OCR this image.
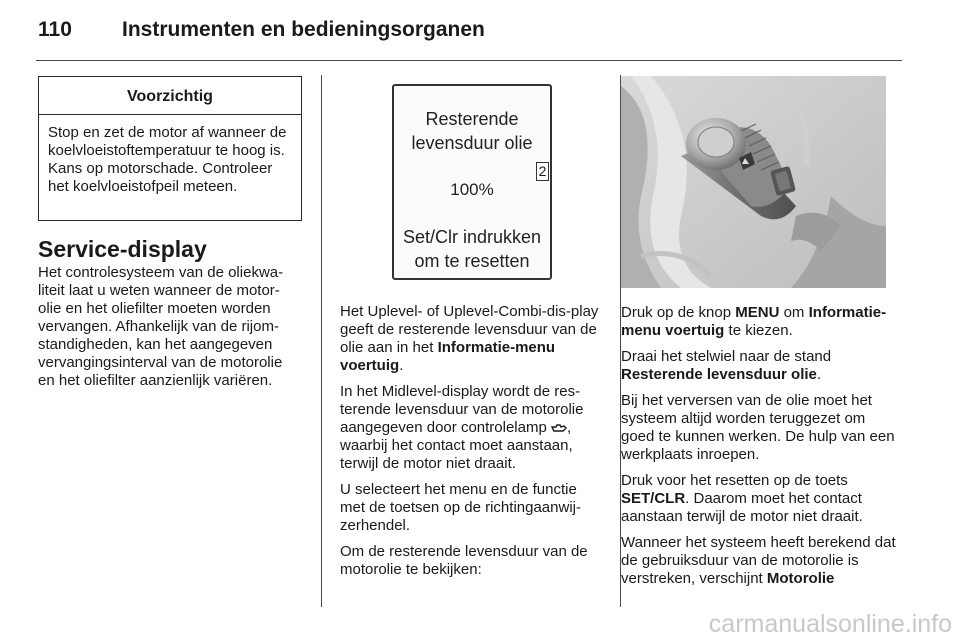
110 Instrumenten en bedieningsorganen
Voorzichtig
Stop en zet de motor af wanneer de koelvloeistoftemperatuur te hoog is. Kans op motorschade. Controleer het koelvloeistofpeil meteen.
Service-display
Het controlesysteem van de oliekwa-liteit laat u weten wanneer de motor-olie en het oliefilter moeten worden vervangen. Afhankelijk van de rijom-standigheden, kan het aangegeven vervangingsinterval van de motorolie en het oliefilter aanzienlijk variëren.
Resterende
levensduur olie
2
100%
Set/Clr indrukken
om te resetten
Het Uplevel- of Uplevel-Combi-dis-play geeft de resterende levensduur van de olie aan in het Informatie-menu voertuig.
In het Midlevel-display wordt de res-terende levensduur van de motorolie aangegeven door controlelamp , waarbij het contact moet aanstaan, terwijl de motor niet draait.
U selecteert het menu en de functie met de toetsen op de richtingaanwij-zerhendel.
Om de resterende levensduur van de motorolie te bekijken:
Druk op de knop MENU om Informatie- menu voertuig te kiezen.
Draai het stelwiel naar de stand Resterende levensduur olie.
Bij het verversen van de olie moet het systeem altijd worden teruggezet om goed te kunnen werken. De hulp van een werkplaats inroepen.
Druk voor het resetten op de toets SET/CLR. Daarom moet het contact aanstaan terwijl de motor niet draait.
Wanneer het systeem heeft berekend dat de gebruiksduur van de motorolie is verstreken, verschijnt Motorolie
carmanualsonline.info
